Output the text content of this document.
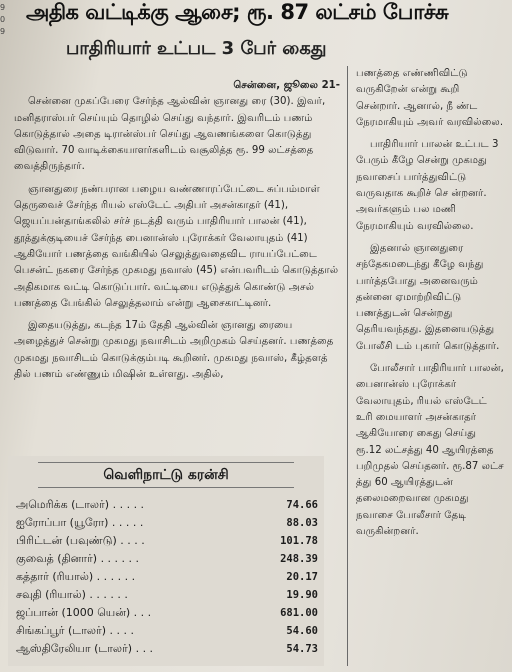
9
0
9
அதிக வட்டிக்கு ஆசை; ரூ. 87 லட்சம் போச்சு
பாதிரியார் உட்பட 3 பேர் கைது

சென்னை, ஜூலை 21-

சென்னை முகப்பேரை சேர்ந்த ஆல்வின் ஞானது ரை (30). இவர், மனிதராஸ்பர் செய்யும் தொழில் செய்து வந்தார். இவரிடம் பணம் கொடுத்தால் அதை டிரான்ஸ்பர் செய்து ஆவணங்களை கொடுத்து விடுவார். 70 வாடிக்கையாளர்களிடம் வசூலித்த ரூ. 99 லட்சத்தை வைத்திருந்தார்.

ஞானதுரை நண்பரான பழைய வண்ணாரப்பேட்டை சுப்பம்மாள் தெருவைச் சேர்ந்த ரியல் எஸ்டேட் அதிபர் அசன்காதர் (41), ஜெயப்பன்தாங்கலில் சர்ச் நடத்தி வரும் பாதிரியார் பாலன் (41), தூத்துக்குடியைச் சேர்ந்த பைனான்ஸ் புரோக்கர் வேலாயுதம் (41) ஆகியோர் பணத்தை வங்கியில் செலுத்துவதைவிட ராயப்பேட்டை பெசன்ட் நகரை சேர்ந்த முகமது நவாஸ் (45) என்பவரிடம் கொடுத்தால் அதிகமாக வட்டி கொடுப்பார். வட்டியை எடுத்துக் கொண்டு அசல் பணத்தை பேங்கில் செலுத்தலாம் என்று ஆசைகாட்டினர்.

இதையடுத்து, கடந்த 17ம் தேதி ஆல்வின் ஞானது ரையை அழைத்துச் சென்று முகமது நவாசிடம் அறிமுகம் செய்தனர். பணத்தை முகமது நவாசிடம் கொடுக்கும்படி கூறினர். முகமது நவாஸ், கீழ்தளத் தில் பணம் எண்ணும் மிஷின் உள்ளது. அதில்,

பணத்தை எண்ணிவிட்டு வருகிறேன் என்று கூறி சென்றார். ஆனால், நீ ண்ட நேரமாகியும் அவர் வரவில்லை.

பாதிரியார் பாலன் உட்பட 3 பேரும் கீழே சென்று முகமது நவாசைப் பார்த்துவிட்டு வருவதாக கூறிச் செ ன்றனர். அவர்களும் பல மணி நேரமாகியும் வரவில்லை.

இதனால் ஞானதுரை சந்தேகமடைந்து கீழே வந்து பார்த்தபோது அனைவரும் தன்னை ஏமாற்றிவிட்டு பணத்துடன் சென்றது தெரியவந்தது. இதனையடுத்து போலீசி டம் புகார் கொடுத்தார்.

போலீசார் பாதிரியார் பாலன், பைனான்ஸ் புரோக்கர் வேலாயுதம், ரியல் எஸ்டேட் உரி மையாளர் அசன்காதர் ஆகியோரை கைது செய்து ரூ.12 லட்சத்து 40 ஆயிரத்தை பறிமுதல் செய்தனர். ரூ.87 லட்ச த்து 60 ஆயிரத்துடன் தலைமறைவான முகமது நவாசை போலீசார் தேடி வருகின்றனர்.

வெளிநாட்டு கரன்சி
அமெரிக்க (டாலர்) . . . . .	74.66
ஐரோப்பா (யூரோ) . . . . .	88.03
பிரிட்டன் (பவுண்டு) . . . .	101.78
குவைத் (தினார்) . . . . . .	248.39
கத்தார் (ரியால்) . . . . . .	20.17
சவுதி (ரியால்) . . . . . .	19.90
ஜப்பான் (1000 யென்) . . .	681.00
சிங்கப்பூர் (டாலர்) . . . .	54.60
ஆஸ்திரேலியா (டாலர்) . . .	54.73
